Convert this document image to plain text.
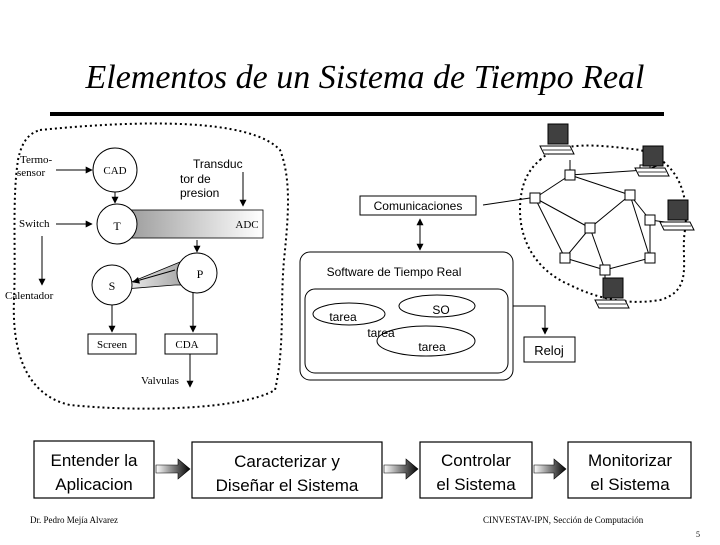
Elementos de un Sistema de Tiempo Real
Termo-
sensor	CAD	Transduc
tor de
presion
Switch	T	ADC
Calentador
S
P
Screen	CDA
Valvulas
Comunicaciones
Software de Tiempo Real
tarea	SO
tarea
tarea	Reloj
Entender la
Aplicacion
Caracterizar y
Diseñar el Sistema
Controlar
el Sistema
Monitorizar
el Sistema
Dr. Pedro Mejía Alvarez	CINVESTAV-IPN, Sección de Computación
5
